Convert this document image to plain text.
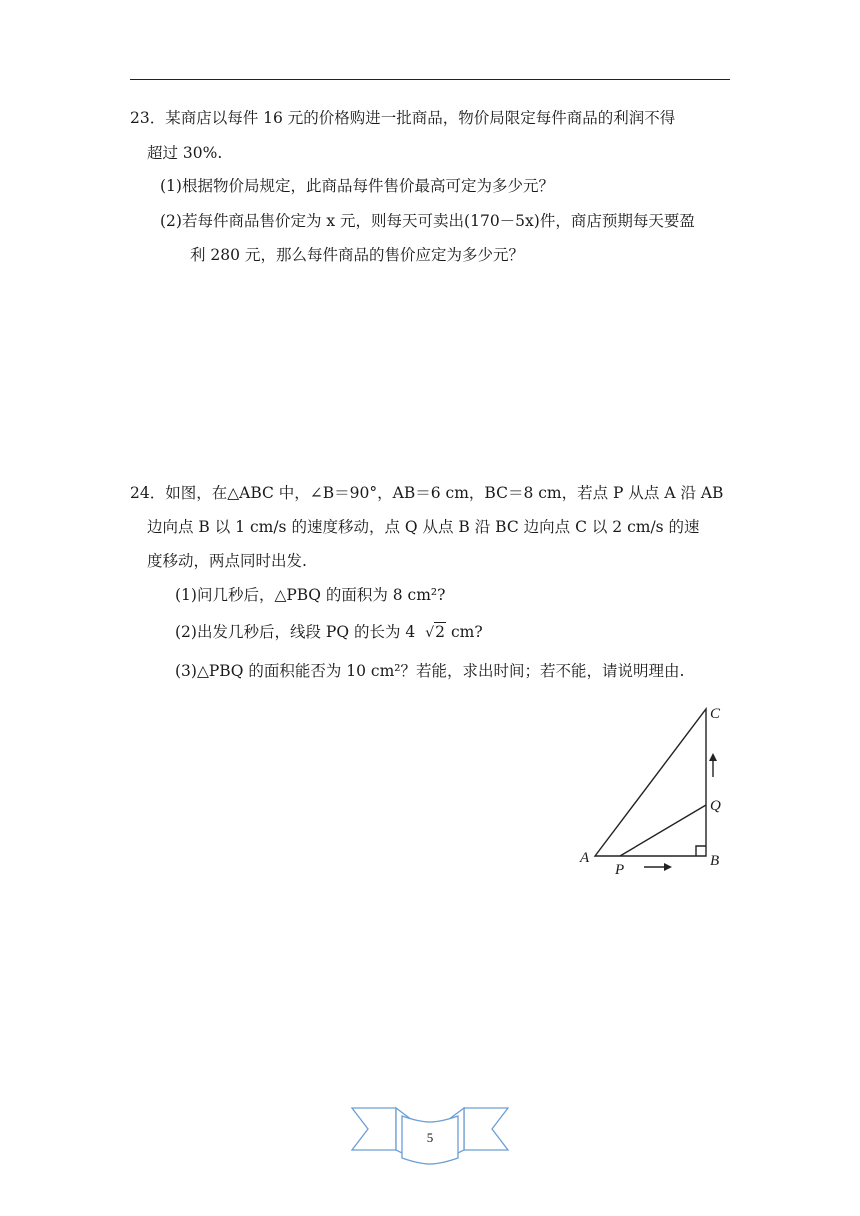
23．某商店以每件 16 元的价格购进一批商品，物价局限定每件商品的利润不得
超过 30%.
(1)根据物价局规定，此商品每件售价最高可定为多少元？
(2)若每件商品售价定为 x 元，则每天可卖出(170－5x)件，商店预期每天要盈
利 280 元，那么每件商品的售价应定为多少元？
24．如图，在△ABC 中，∠B＝90°，AB＝6 cm，BC＝8 cm，若点 P 从点 A 沿 AB
边向点 B 以 1 cm/s 的速度移动，点 Q 从点 B 沿 BC 边向点 C 以 2 cm/s 的速
度移动，两点同时出发.
(1)问几秒后，△PBQ 的面积为 8 cm²?
(2)出发几秒后，线段 PQ 的长为 4 √2 cm?
(3)△PBQ 的面积能否为 10 cm²？若能，求出时间；若不能，请说明理由.
A	B
C
P
Q
5
